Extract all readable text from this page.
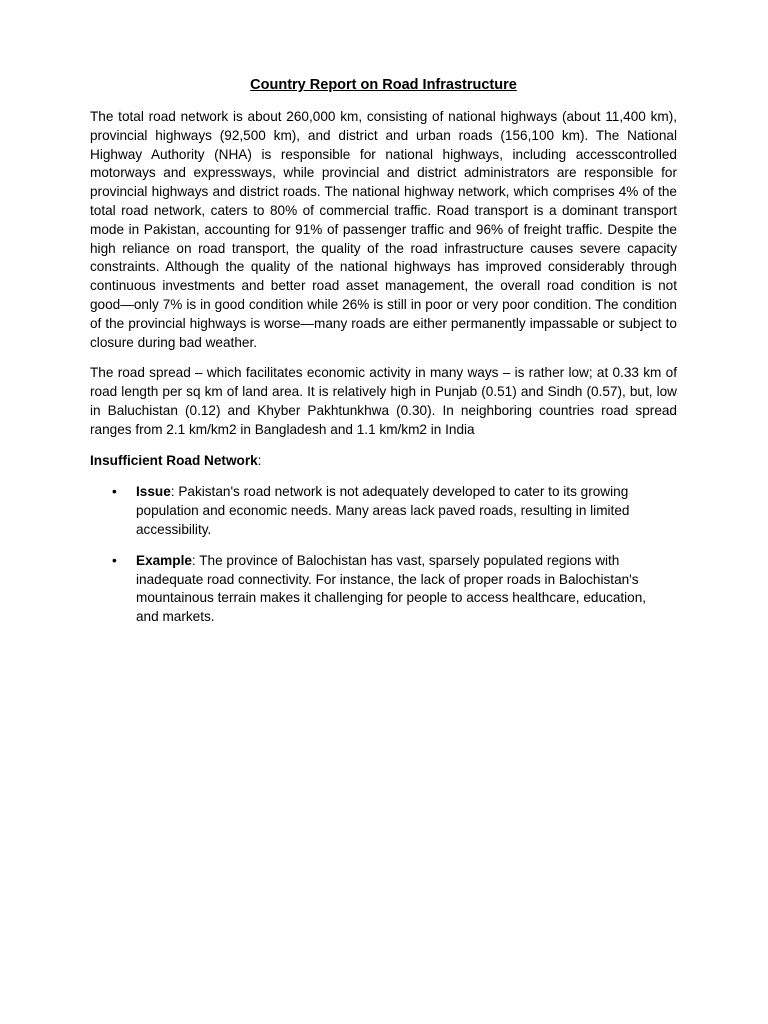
Country Report on Road Infrastructure

The total road network is about 260,000 km, consisting of national highways (about 11,400 km), provincial highways (92,500 km), and district and urban roads (156,100 km). The National Highway Authority (NHA) is responsible for national highways, including accesscontrolled motorways and expressways, while provincial and district administrators are responsible for provincial highways and district roads. The national highway network, which comprises 4% of the total road network, caters to 80% of commercial traffic. Road transport is a dominant transport mode in Pakistan, accounting for 91% of passenger traffic and 96% of freight traffic. Despite the high reliance on road transport, the quality of the road infrastructure causes severe capacity constraints. Although the quality of the national highways has improved considerably through continuous investments and better road asset management, the overall road condition is not good—only 7% is in good condition while 26% is still in poor or very poor condition. The condition of the provincial highways is worse—many roads are either permanently impassable or subject to closure during bad weather.

The road spread – which facilitates economic activity in many ways – is rather low; at 0.33 km of road length per sq km of land area. It is relatively high in Punjab (0.51) and Sindh (0.57), but, low in Baluchistan (0.12) and Khyber Pakhtunkhwa (0.30). In neighboring countries road spread ranges from 2.1 km/km2 in Bangladesh and 1.1 km/km2 in India

Insufficient Road Network:
• Issue: Pakistan's road network is not adequately developed to cater to its growing population and economic needs. Many areas lack paved roads, resulting in limited accessibility.
• Example: The province of Balochistan has vast, sparsely populated regions with inadequate road connectivity. For instance, the lack of proper roads in Balochistan's mountainous terrain makes it challenging for people to access healthcare, education, and markets.
